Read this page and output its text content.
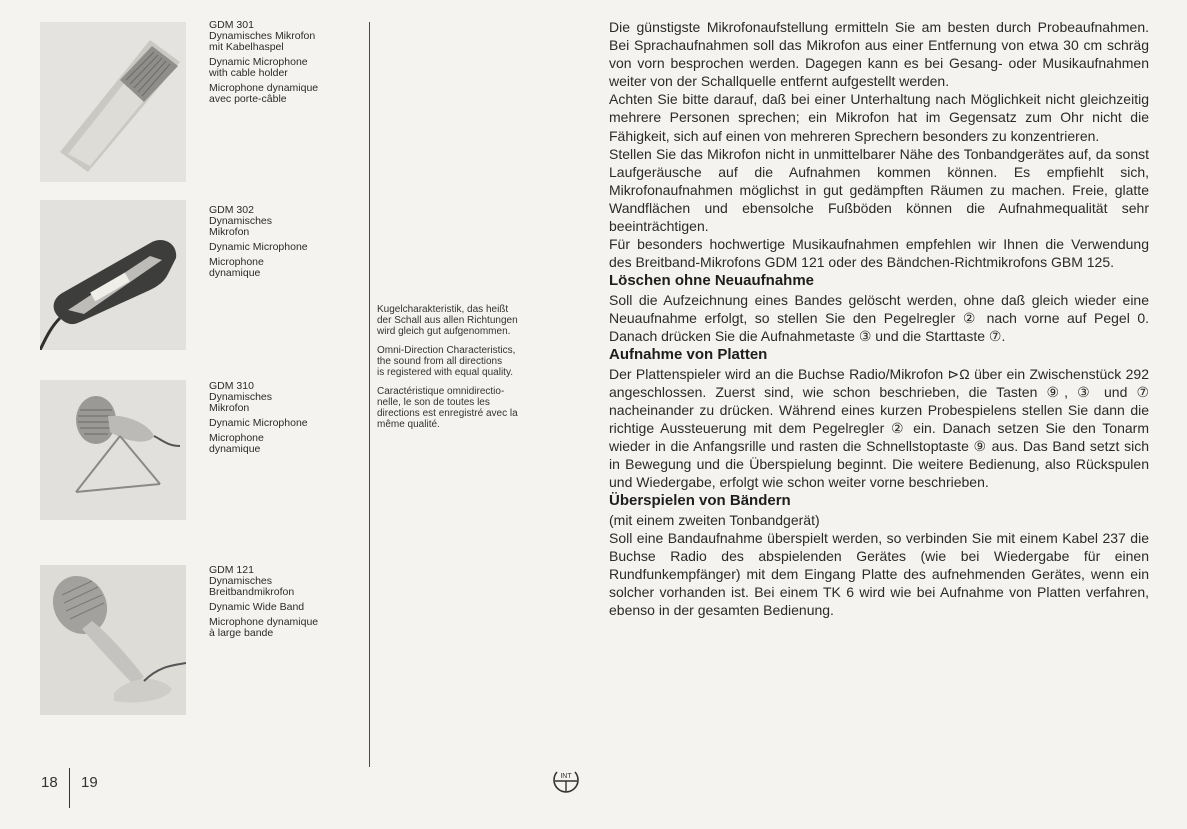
GDM 301
Dynamisches Mikrofon
mit Kabelhaspel
Dynamic Microphone
with cable holder
Microphone dynamique
avec porte-câble
GDM 302
Dynamisches
Mikrofon
Dynamic Microphone
Microphone
dynamique
GDM 310
Dynamisches
Mikrofon
Dynamic Microphone
Microphone
dynamique
GDM 121
Dynamisches
Breitbandmikrofon
Dynamic Wide Band
Microphone dynamique
à large bande

Kugelcharakteristik, das heißt
der Schall aus allen Richtungen
wird gleich gut aufgenommen.

Omni-Direction Characteristics,
the sound from all directions
is registered with equal quality.

Caractéristique omnidirectio-
nelle, le son de toutes les
directions est enregistré avec la
même qualité.

Die günstigste Mikrofonaufstellung ermitteln Sie am besten durch Probeaufnahmen. Bei Sprachaufnahmen soll das Mikrofon aus einer Entfernung von etwa 30 cm schräg von vorn besprochen werden. Dagegen kann es bei Gesang- oder Musikaufnahmen weiter von der Schallquelle entfernt aufgestellt werden.

Achten Sie bitte darauf, daß bei einer Unterhaltung nach Möglichkeit nicht gleichzeitig mehrere Personen sprechen; ein Mikrofon hat im Gegensatz zum Ohr nicht die Fähigkeit, sich auf einen von mehreren Sprechern besonders zu konzentrieren.

Stellen Sie das Mikrofon nicht in unmittelbarer Nähe des Tonbandgerätes auf, da sonst Laufgeräusche auf die Aufnahmen kommen können. Es empfiehlt sich, Mikrofonaufnahmen möglichst in gut gedämpften Räumen zu machen. Freie, glatte Wandflächen und ebensolche Fußböden können die Aufnahmequalität sehr beeinträchtigen.

Für besonders hochwertige Musikaufnahmen empfehlen wir Ihnen die Verwendung des Breitband-Mikrofons GDM 121 oder des Bändchen-Richtmikrofons GBM 125.

Löschen ohne Neuaufnahme

Soll die Aufzeichnung eines Bandes gelöscht werden, ohne daß gleich wieder eine Neuaufnahme erfolgt, so stellen Sie den Pegelregler ② nach vorne auf Pegel 0. Danach drücken Sie die Aufnahmetaste ③ und die Starttaste ⑦.

Aufnahme von Platten

Der Plattenspieler wird an die Buchse Radio/Mikrofon ⊳Ω über ein Zwischenstück 292 angeschlossen. Zuerst sind, wie schon beschrieben, die Tasten ⑨, ③ und ⑦ nacheinander zu drücken. Während eines kurzen Probespielens stellen Sie dann die richtige Aussteuerung mit dem Pegelregler ② ein. Danach setzen Sie den Tonarm wieder in die Anfangsrille und rasten die Schnellstoptaste ⑨ aus. Das Band setzt sich in Bewegung und die Überspielung beginnt. Die weitere Bedienung, also Rückspulen und Wiedergabe, erfolgt wie schon weiter vorne beschrieben.

Überspielen von Bändern

(mit einem zweiten Tonbandgerät)

Soll eine Bandaufnahme überspielt werden, so verbinden Sie mit einem Kabel 237 die Buchse Radio des abspielenden Gerätes (wie bei Wiedergabe für einen Rundfunkempfänger) mit dem Eingang Platte des aufnehmenden Gerätes, wenn ein solcher vorhanden ist. Bei einem TK 6 wird wie bei Aufnahme von Platten verfahren, ebenso in der gesamten Bedienung.

18 19	INT
